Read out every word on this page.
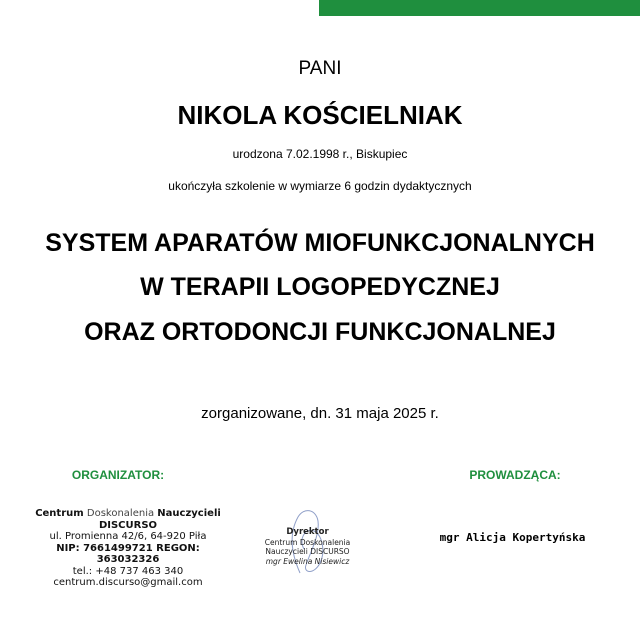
PANI
NIKOLA KOŚCIELNIAK
urodzona 7.02.1998 r., Biskupiec
ukończyła szkolenie w wymiarze 6 godzin dydaktycznych
SYSTEM APARATÓW MIOFUNKCJONALNYCH
W TERAPII LOGOPEDYCZNEJ
ORAZ ORTODONCJI FUNKCJONALNEJ
zorganizowane, dn. 31 maja 2025 r.
ORGANIZATOR:	PROWADZĄCA:
Centrum Doskonalenia Nauczycieli
DISCURSO
ul. Promienna 42/6, 64-920 Piła
NIP: 7661499721 REGON: 363032326
tel.: +48 737 463 340
centrum.discurso@gmail.com
Dyrektor
Centrum Doskonalenia
Nauczycieli DISCURSO
mgr Ewelina Nisiewicz
mgr Alicja Kopertyńska
